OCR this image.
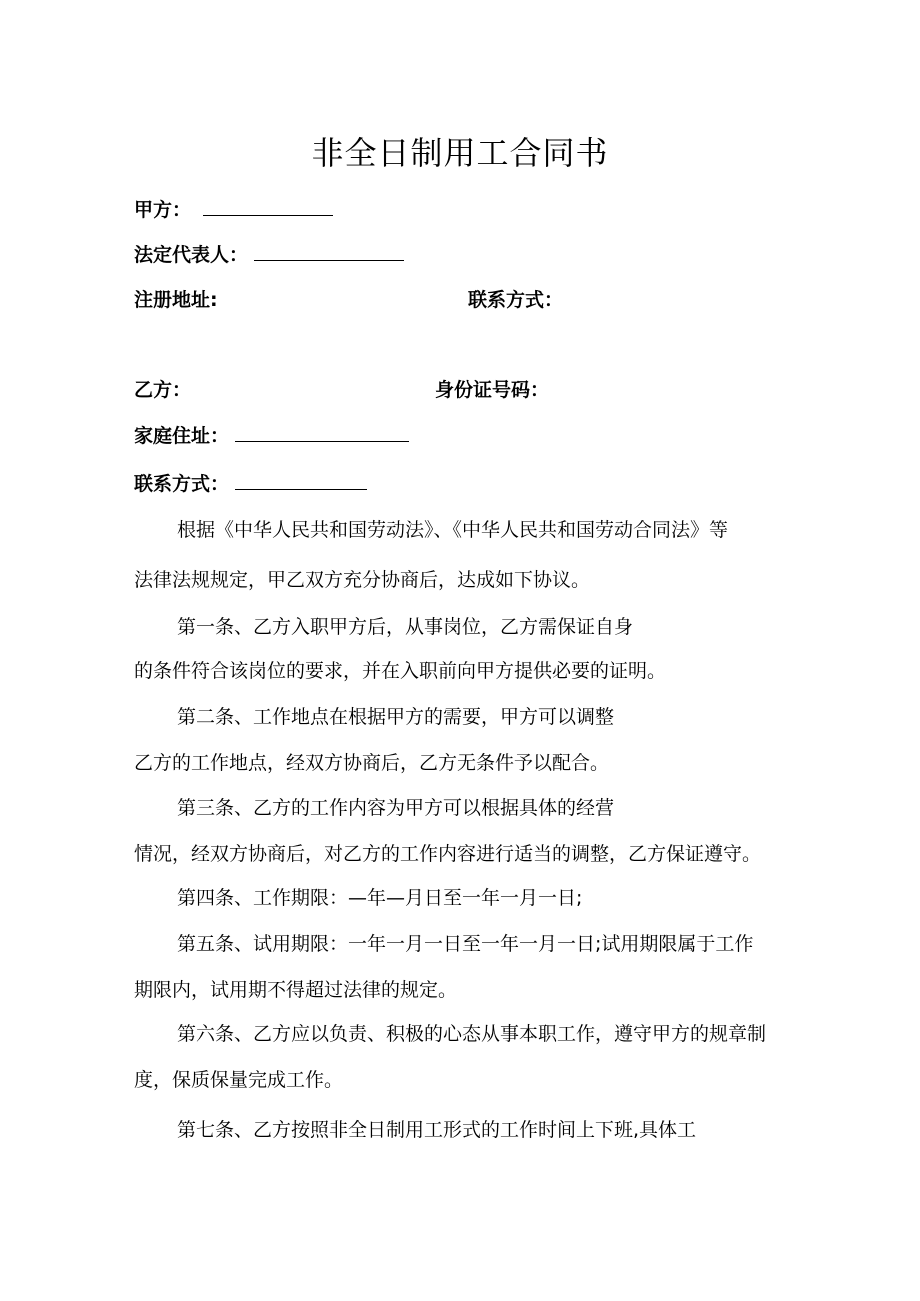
非全日制用工合同书
甲方：
法定代表人：
注册地址:	联系方式：
乙方：	身份证号码：
家庭住址：
联系方式：
根据《中华人民共和国劳动法》、《中华人民共和国劳动合同法》等
法律法规规定，甲乙双方充分协商后，达成如下协议。
第一条、乙方入职甲方后，从事岗位，乙方需保证自身
的条件符合该岗位的要求，并在入职前向甲方提供必要的证明。
第二条、工作地点在根据甲方的需要，甲方可以调整
乙方的工作地点，经双方协商后，乙方无条件予以配合。
第三条、乙方的工作内容为甲方可以根据具体的经营
情况，经双方协商后，对乙方的工作内容进行适当的调整，乙方保证遵守。
第四条、工作期限：—年—月日至一年一月一日;
第五条、试用期限：一年一月一日至一年一月一日;试用期限属于工作
期限内，试用期不得超过法律的规定。
第六条、乙方应以负责、积极的心态从事本职工作，遵守甲方的规章制
度，保质保量完成工作。
第七条、乙方按照非全日制用工形式的工作时间上下班,具体工
